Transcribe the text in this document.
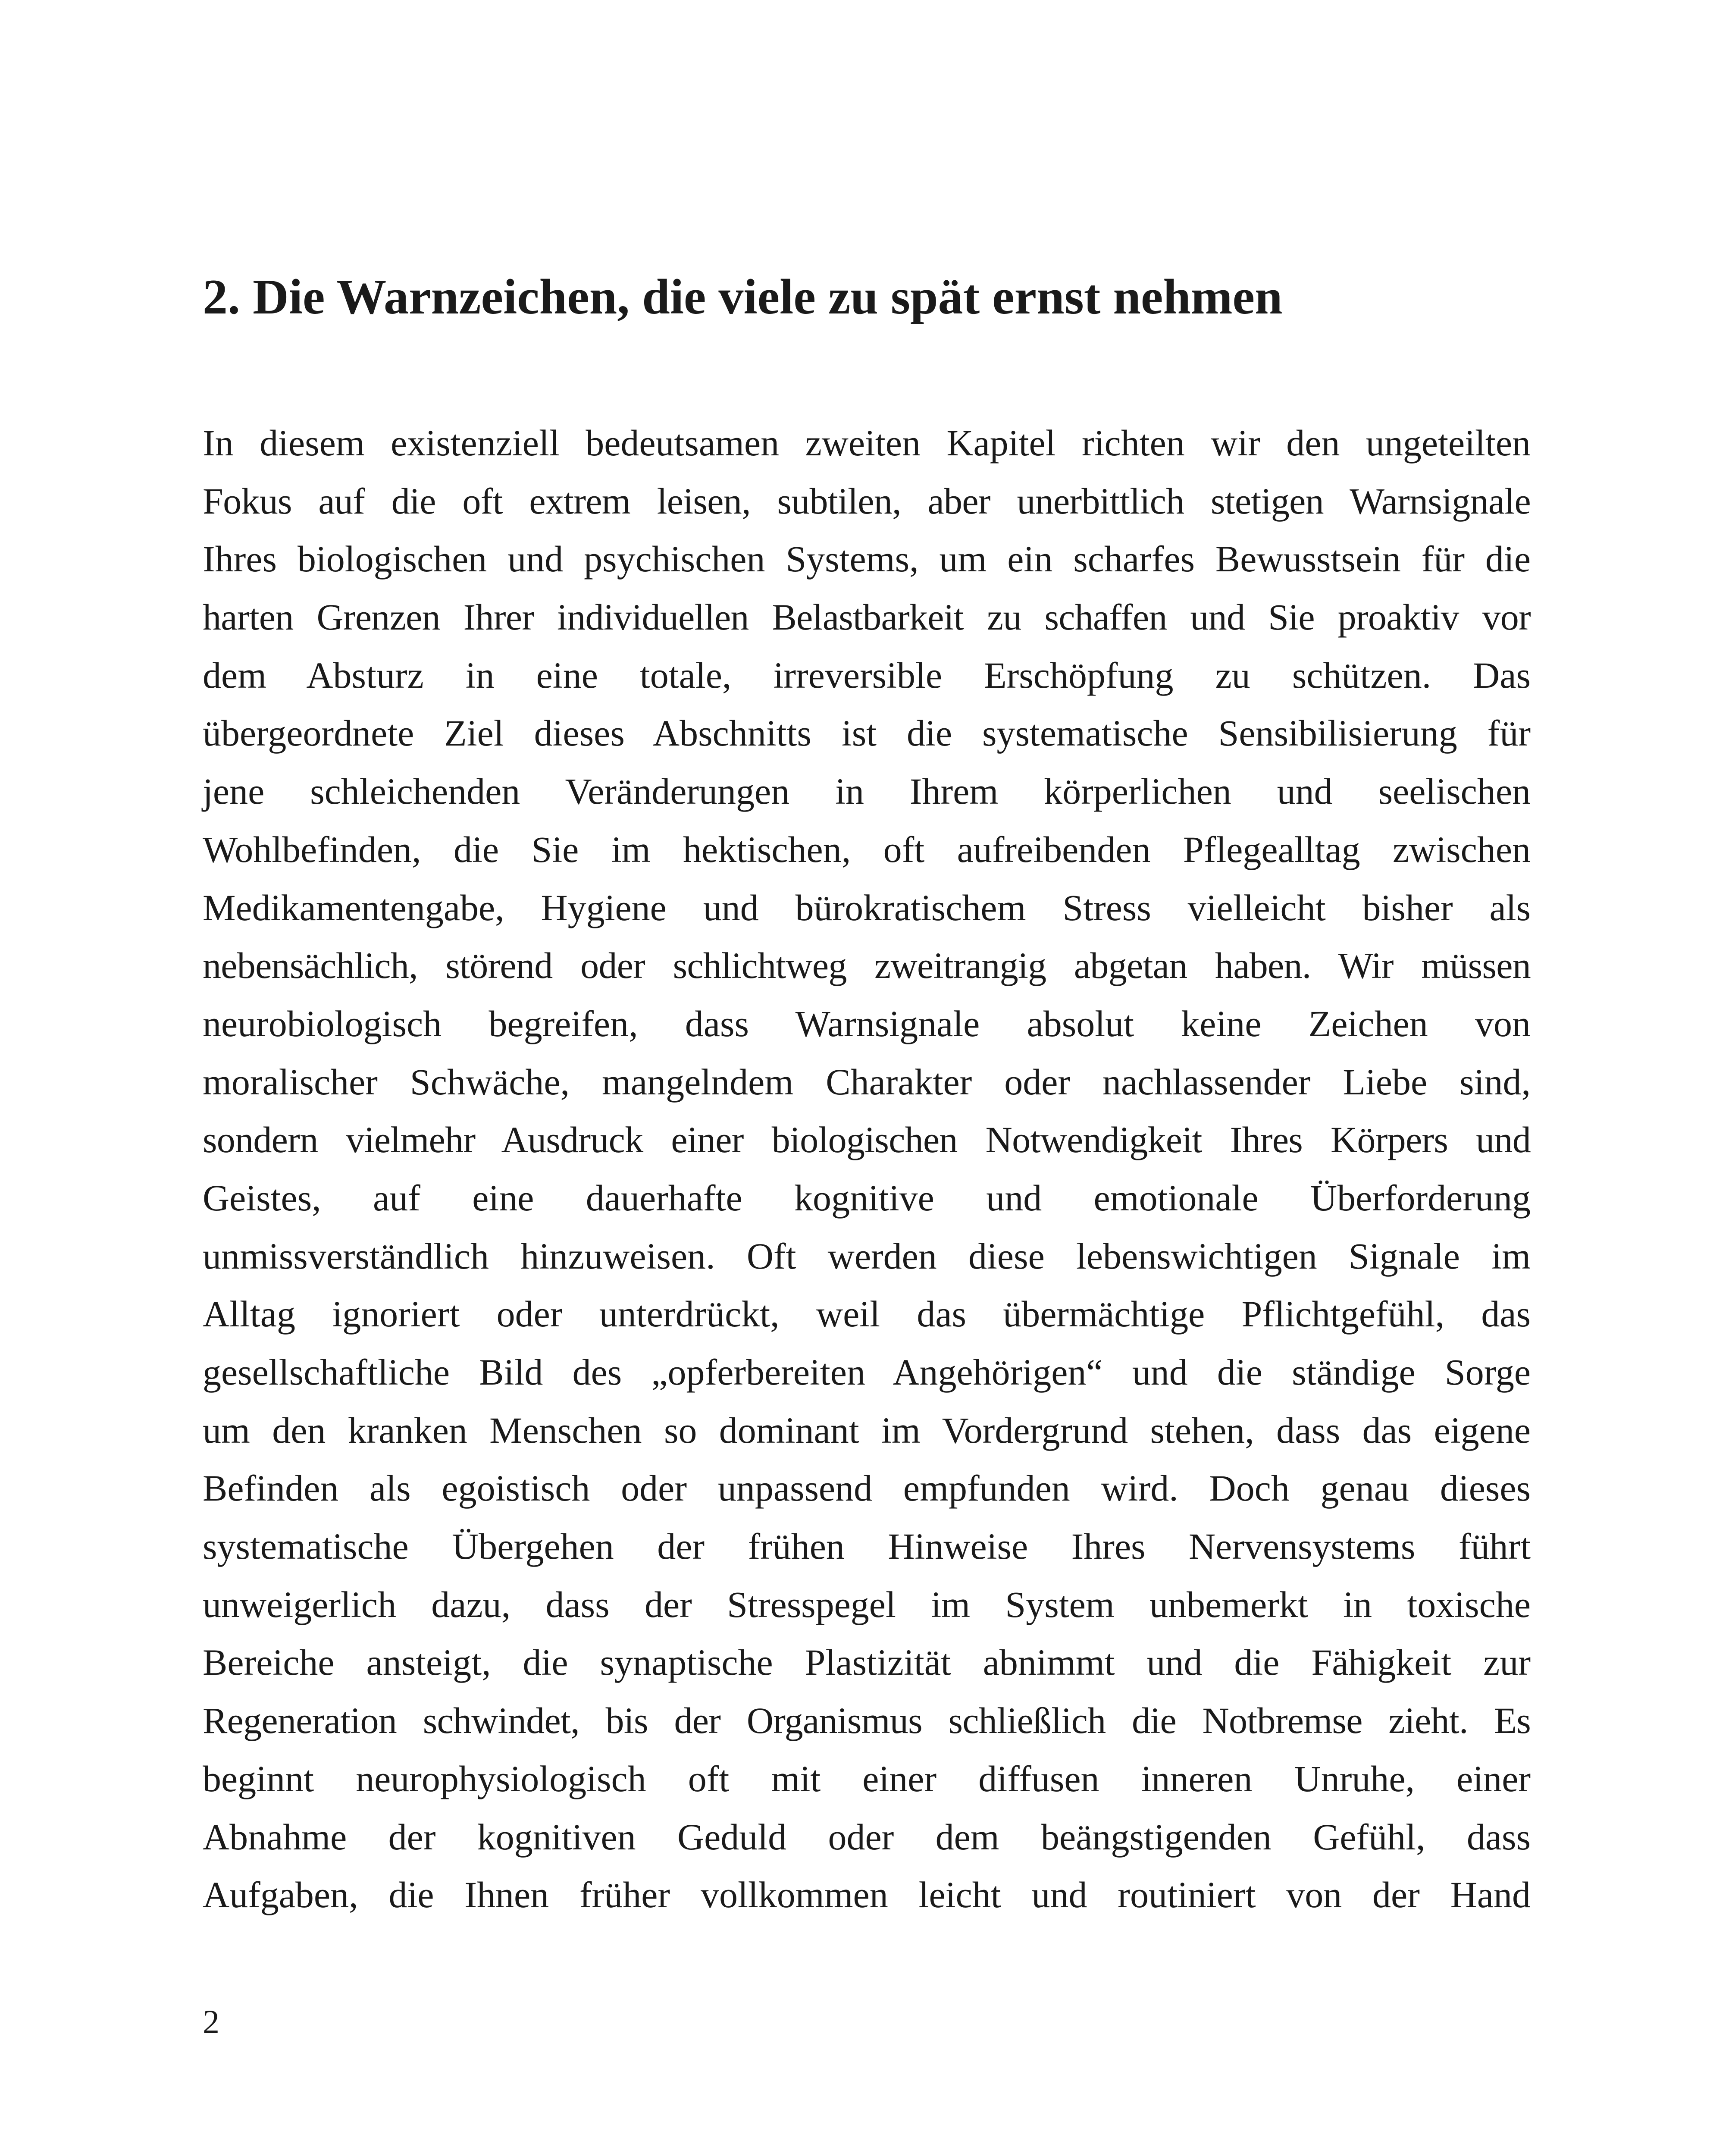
2. Die Warnzeichen, die viele zu spät ernst nehmen
In diesem existenziell bedeutsamen zweiten Kapitel richten wir den ungeteilten
Fokus auf die oft extrem leisen, subtilen, aber unerbittlich stetigen Warnsignale
Ihres biologischen und psychischen Systems, um ein scharfes Bewusstsein für die
harten Grenzen Ihrer individuellen Belastbarkeit zu schaffen und Sie proaktiv vor
dem Absturz in eine totale, irreversible Erschöpfung zu schützen. Das
übergeordnete Ziel dieses Abschnitts ist die systematische Sensibilisierung für
jene schleichenden Veränderungen in Ihrem körperlichen und seelischen
Wohlbefinden, die Sie im hektischen, oft aufreibenden Pflegealltag zwischen
Medikamentengabe, Hygiene und bürokratischem Stress vielleicht bisher als
nebensächlich, störend oder schlichtweg zweitrangig abgetan haben. Wir müssen
neurobiologisch begreifen, dass Warnsignale absolut keine Zeichen von
moralischer Schwäche, mangelndem Charakter oder nachlassender Liebe sind,
sondern vielmehr Ausdruck einer biologischen Notwendigkeit Ihres Körpers und
Geistes, auf eine dauerhafte kognitive und emotionale Überforderung
unmissverständlich hinzuweisen. Oft werden diese lebenswichtigen Signale im
Alltag ignoriert oder unterdrückt, weil das übermächtige Pflichtgefühl, das
gesellschaftliche Bild des „opferbereiten Angehörigen“ und die ständige Sorge
um den kranken Menschen so dominant im Vordergrund stehen, dass das eigene
Befinden als egoistisch oder unpassend empfunden wird. Doch genau dieses
systematische Übergehen der frühen Hinweise Ihres Nervensystems führt
unweigerlich dazu, dass der Stresspegel im System unbemerkt in toxische
Bereiche ansteigt, die synaptische Plastizität abnimmt und die Fähigkeit zur
Regeneration schwindet, bis der Organismus schließlich die Notbremse zieht. Es
beginnt neurophysiologisch oft mit einer diffusen inneren Unruhe, einer
Abnahme der kognitiven Geduld oder dem beängstigenden Gefühl, dass
Aufgaben, die Ihnen früher vollkommen leicht und routiniert von der Hand
2
